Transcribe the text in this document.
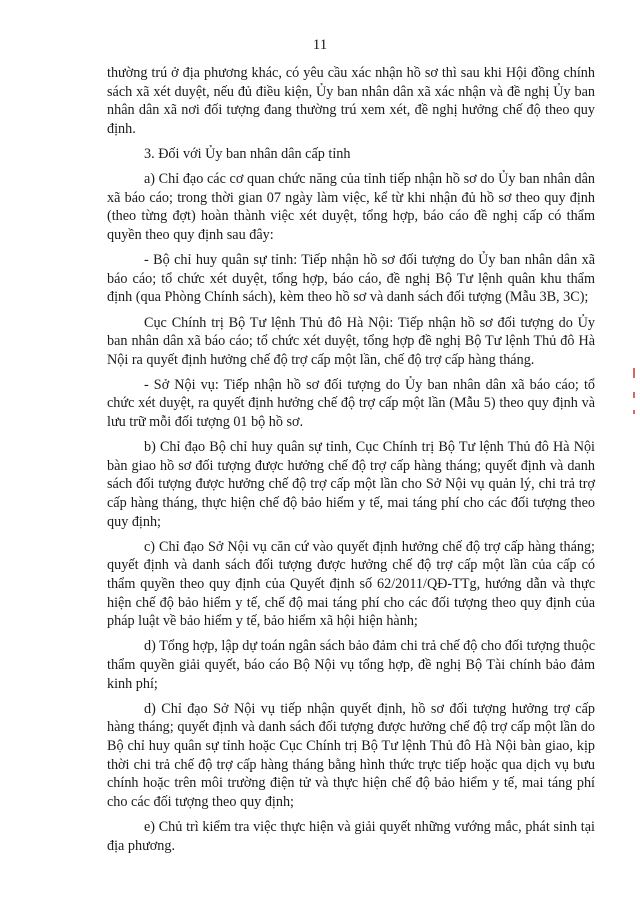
11

thường trú ở địa phương khác, có yêu cầu xác nhận hồ sơ thì sau khi Hội đồng chính sách xã xét duyệt, nếu đủ điều kiện, Ủy ban nhân dân xã xác nhận và đề nghị Ủy ban nhân dân xã nơi đối tượng đang thường trú xem xét, đề nghị hưởng chế độ theo quy định.

3. Đối với Ủy ban nhân dân cấp tỉnh

a) Chỉ đạo các cơ quan chức năng của tỉnh tiếp nhận hồ sơ do Ủy ban nhân dân xã báo cáo; trong thời gian 07 ngày làm việc, kể từ khi nhận đủ hồ sơ theo quy định (theo từng đợt) hoàn thành việc xét duyệt, tổng hợp, báo cáo đề nghị cấp có thẩm quyền theo quy định sau đây:

- Bộ chỉ huy quân sự tỉnh: Tiếp nhận hồ sơ đối tượng do Ủy ban nhân dân xã báo cáo; tổ chức xét duyệt, tổng hợp, báo cáo, đề nghị Bộ Tư lệnh quân khu thẩm định (qua Phòng Chính sách), kèm theo hồ sơ và danh sách đối tượng (Mẫu 3B, 3C);

Cục Chính trị Bộ Tư lệnh Thủ đô Hà Nội: Tiếp nhận hồ sơ đối tượng do Ủy ban nhân dân xã báo cáo; tổ chức xét duyệt, tổng hợp đề nghị Bộ Tư lệnh Thủ đô Hà Nội ra quyết định hưởng chế độ trợ cấp một lần, chế độ trợ cấp hàng tháng.

- Sở Nội vụ: Tiếp nhận hồ sơ đối tượng do Ủy ban nhân dân xã báo cáo; tổ chức xét duyệt, ra quyết định hưởng chế độ trợ cấp một lần (Mẫu 5) theo quy định và lưu trữ mỗi đối tượng 01 bộ hồ sơ.

b) Chỉ đạo Bộ chỉ huy quân sự tỉnh, Cục Chính trị Bộ Tư lệnh Thủ đô Hà Nội bàn giao hồ sơ đối tượng được hưởng chế độ trợ cấp hàng tháng; quyết định và danh sách đối tượng được hưởng chế độ trợ cấp một lần cho Sở Nội vụ quản lý, chi trả trợ cấp hàng tháng, thực hiện chế độ bảo hiểm y tế, mai táng phí cho các đối tượng theo quy định;

c) Chỉ đạo Sở Nội vụ căn cứ vào quyết định hưởng chế độ trợ cấp hàng tháng; quyết định và danh sách đối tượng được hưởng chế độ trợ cấp một lần của cấp có thẩm quyền theo quy định của Quyết định số 62/2011/QĐ-TTg, hướng dẫn và thực hiện chế độ bảo hiểm y tế, chế độ mai táng phí cho các đối tượng theo quy định của pháp luật về bảo hiểm y tế, bảo hiểm xã hội hiện hành;

d) Tổng hợp, lập dự toán ngân sách bảo đảm chi trả chế độ cho đối tượng thuộc thẩm quyền giải quyết, báo cáo Bộ Nội vụ tổng hợp, đề nghị Bộ Tài chính bảo đảm kinh phí;

d) Chỉ đạo Sở Nội vụ tiếp nhận quyết định, hồ sơ đối tượng hưởng trợ cấp hàng tháng; quyết định và danh sách đối tượng được hưởng chế độ trợ cấp một lần do Bộ chỉ huy quân sự tỉnh hoặc Cục Chính trị Bộ Tư lệnh Thủ đô Hà Nội bàn giao, kịp thời chi trả chế độ trợ cấp hàng tháng bằng hình thức trực tiếp hoặc qua dịch vụ bưu chính hoặc trên môi trường điện tử và thực hiện chế độ bảo hiểm y tế, mai táng phí cho các đối tượng theo quy định;

e) Chủ trì kiểm tra việc thực hiện và giải quyết những vướng mắc, phát sinh tại địa phương.
